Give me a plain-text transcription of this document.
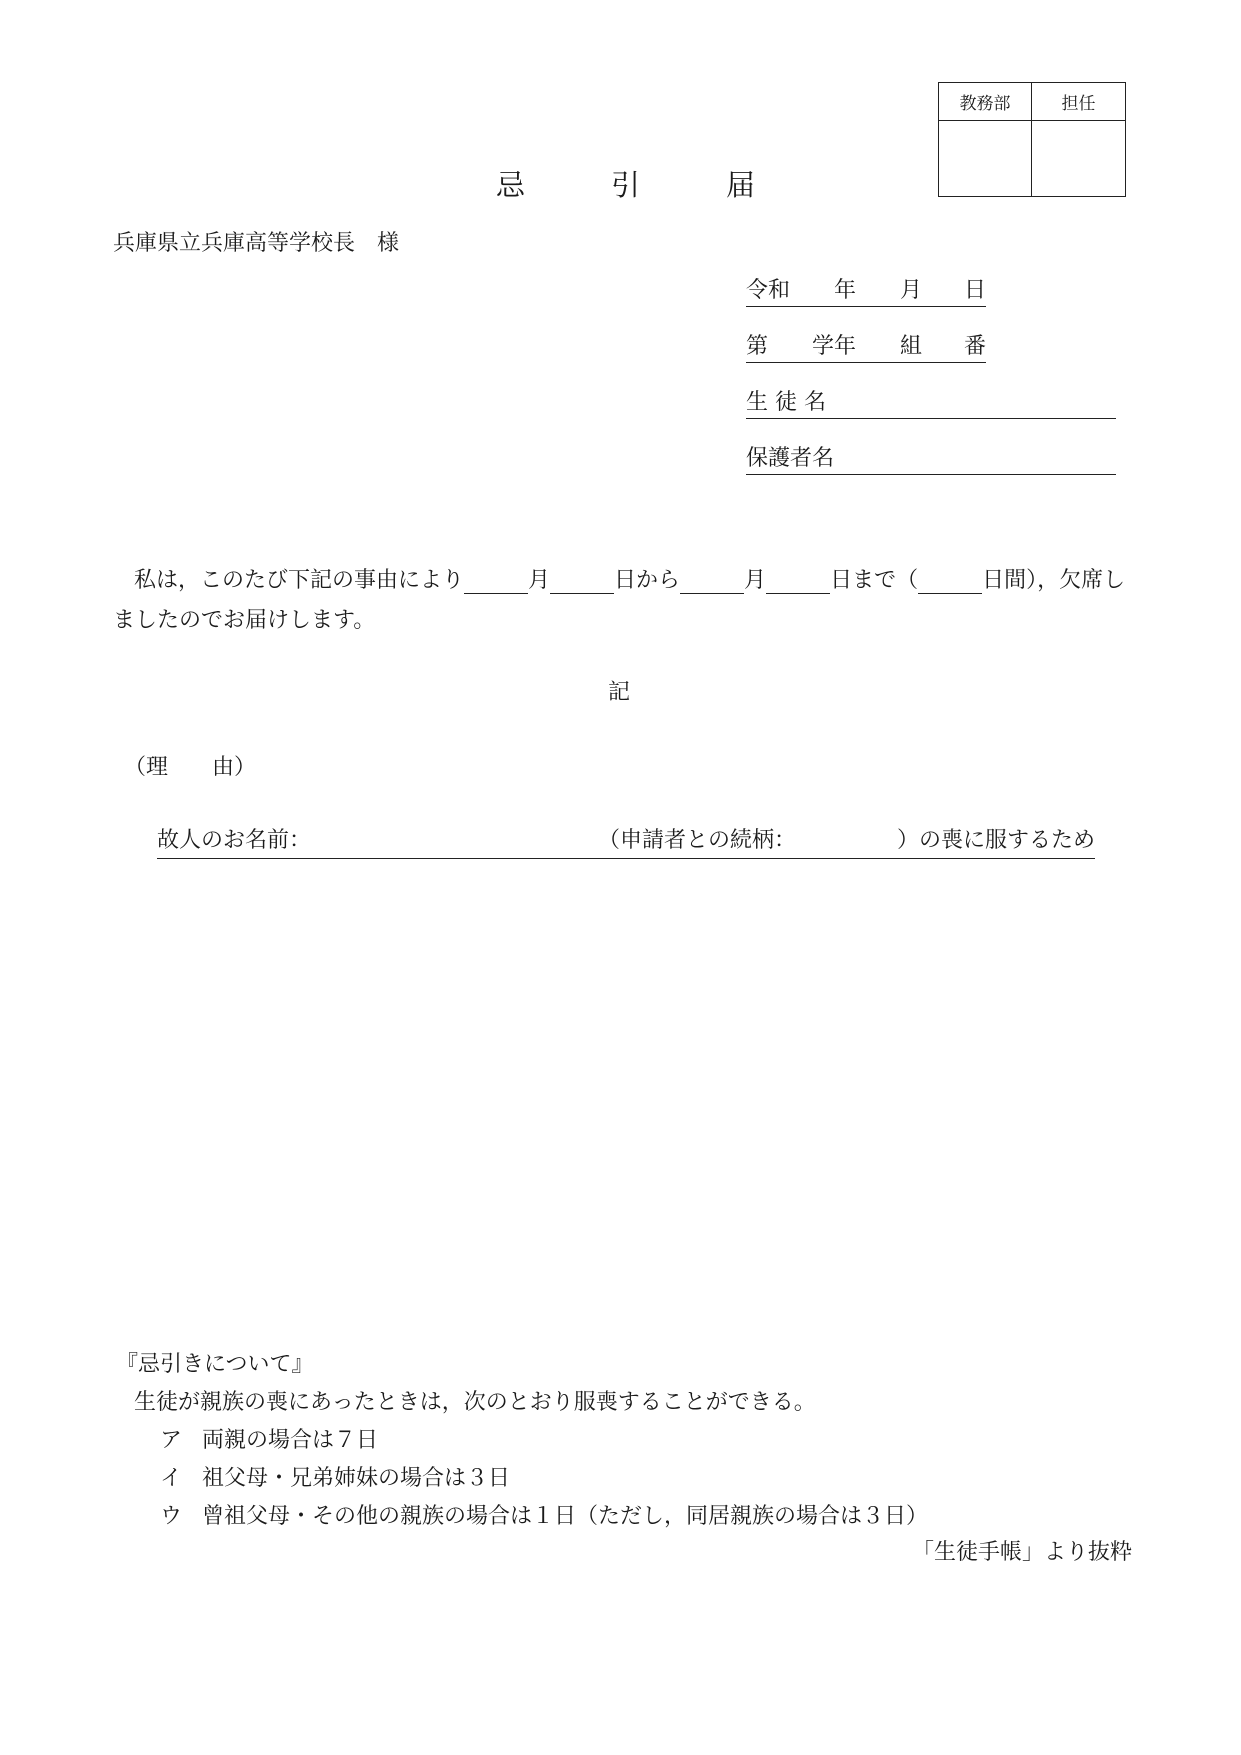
教務部	担任
忌	引	届
兵庫県立兵庫高等学校長　様
令和 年 月 日
第 学年 組 番
生 徒 名
保護者名
私は，このたび下記の事由により	月	日から	月	日まで（	日間），欠席し
ましたのでお届けします。
記
（理　　由）
故人のお名前：	（申請者との続柄：	）の喪に服するため
『忌引きについて』
生徒が親族の喪にあったときは，次のとおり服喪することができる。
ア 両親の場合は７日
イ 祖父母・兄弟姉妹の場合は３日
ウ 曾祖父母・その他の親族の場合は１日（ただし，同居親族の場合は３日）
「生徒手帳」より抜粋
